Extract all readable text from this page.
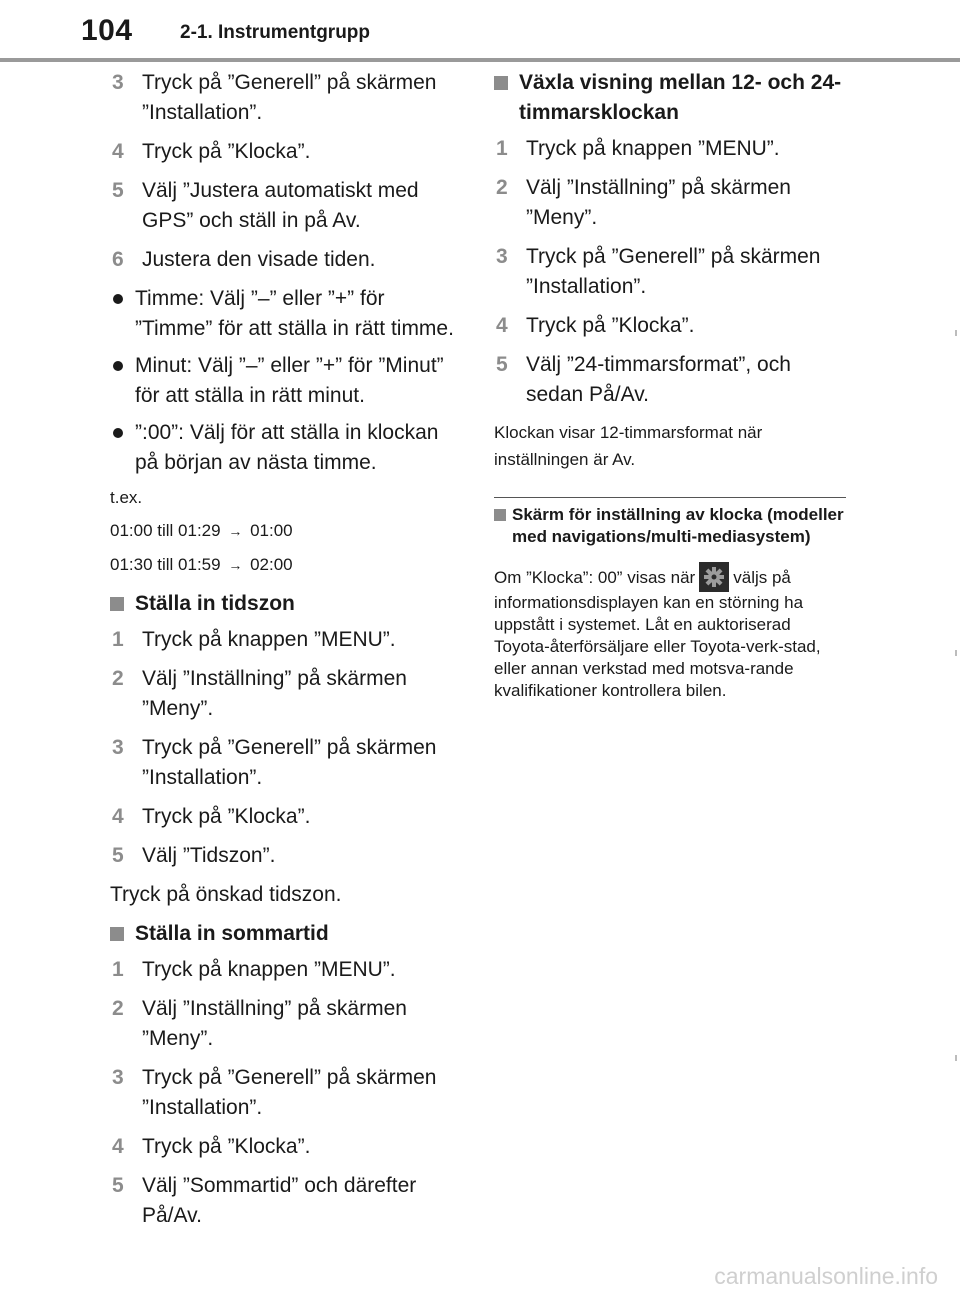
104 2-1. Instrumentgrupp
3 Tryck på ”Generell” på skärmen ”Installation”.
4 Tryck på ”Klocka”.
5 Välj ”Justera automatiskt med GPS” och ställ in på Av.
6 Justera den visade tiden.
Timme: Välj ”–” eller ”+” för ”Timme” för att ställa in rätt timme.
Minut: Välj ”–” eller ”+” för ”Minut” för att ställa in rätt minut.
”:00”: Välj för att ställa in klockan på början av nästa timme.
t.ex.
01:00 till 01:29 → 01:00
01:30 till 01:59 → 02:00
Ställa in tidszon
1 Tryck på knappen ”MENU”.
2 Välj ”Inställning” på skärmen ”Meny”.
3 Tryck på ”Generell” på skärmen ”Installation”.
4 Tryck på ”Klocka”.
5 Välj ”Tidszon”.
Tryck på önskad tidszon.
Ställa in sommartid
1 Tryck på knappen ”MENU”.
2 Välj ”Inställning” på skärmen ”Meny”.
3 Tryck på ”Generell” på skärmen ”Installation”.
4 Tryck på ”Klocka”.
5 Välj ”Sommartid” och därefter På/Av.
Växla visning mellan 12- och 24-timmarsklockan
1 Tryck på knappen ”MENU”.
2 Välj ”Inställning” på skärmen ”Meny”.
3 Tryck på ”Generell” på skärmen ”Installation”.
4 Tryck på ”Klocka”.
5 Välj ”24-timmarsformat”, och sedan På/Av.
Klockan visar 12-timmarsformat när inställningen är Av.
Skärm för inställning av klocka (modeller med navigations/multi-mediasystem)
Om ”Klocka”: 00” visas när väljs på informationsdisplayen kan en störning ha uppstått i systemet. Låt en auktoriserad Toyota-återförsäljare eller Toyota-verk-stad, eller annan verkstad med motsva-rande kvalifikationer kontrollera bilen.
carmanualsonline.info
